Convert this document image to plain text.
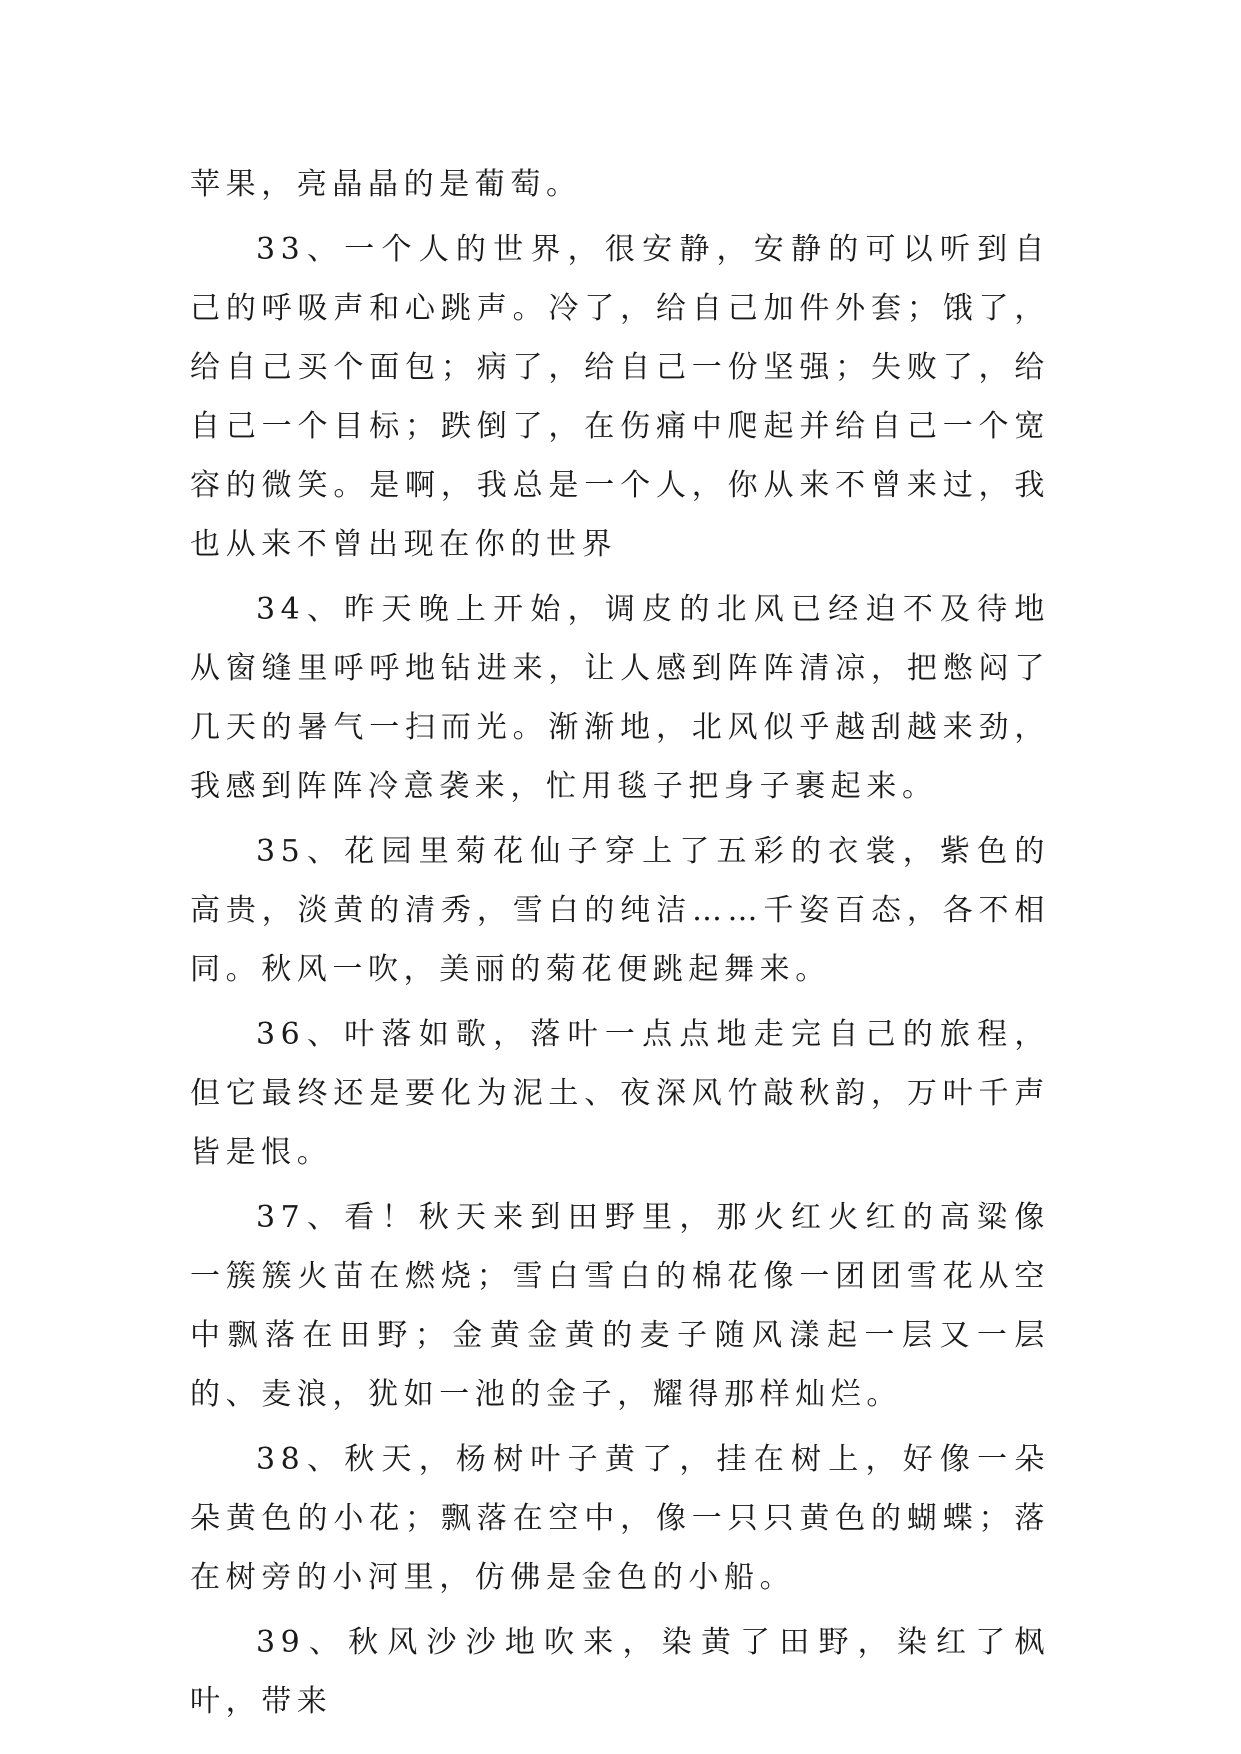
苹果，亮晶晶的是葡萄。

33、一个人的世界，很安静，安静的可以听到自己的呼吸声和心跳声。冷了，给自己加件外套；饿了，给自己买个面包；病了，给自己一份坚强；失败了，给自己一个目标；跌倒了，在伤痛中爬起并给自己一个宽容的微笑。是啊，我总是一个人，你从来不曾来过，我也从来不曾出现在你的世界

34、昨天晚上开始，调皮的北风已经迫不及待地从窗缝里呼呼地钻进来，让人感到阵阵清凉，把憋闷了几天的暑气一扫而光。渐渐地，北风似乎越刮越来劲，我感到阵阵冷意袭来，忙用毯子把身子裹起来。

35、花园里菊花仙子穿上了五彩的衣裳，紫色的高贵，淡黄的清秀，雪白的纯洁……千姿百态，各不相同。秋风一吹，美丽的菊花便跳起舞来。

36、叶落如歌，落叶一点点地走完自己的旅程，但它最终还是要化为泥土、夜深风竹敲秋韵，万叶千声皆是恨。

37、看！秋天来到田野里，那火红火红的高粱像一簇簇火苗在燃烧；雪白雪白的棉花像一团团雪花从空中飘落在田野；金黄金黄的麦子随风漾起一层又一层的、麦浪，犹如一池的金子，耀得那样灿烂。

38、秋天，杨树叶子黄了，挂在树上，好像一朵朵黄色的小花；飘落在空中，像一只只黄色的蝴蝶；落在树旁的小河里，仿佛是金色的小船。

39、秋风沙沙地吹来，染黄了田野，染红了枫叶，带来
